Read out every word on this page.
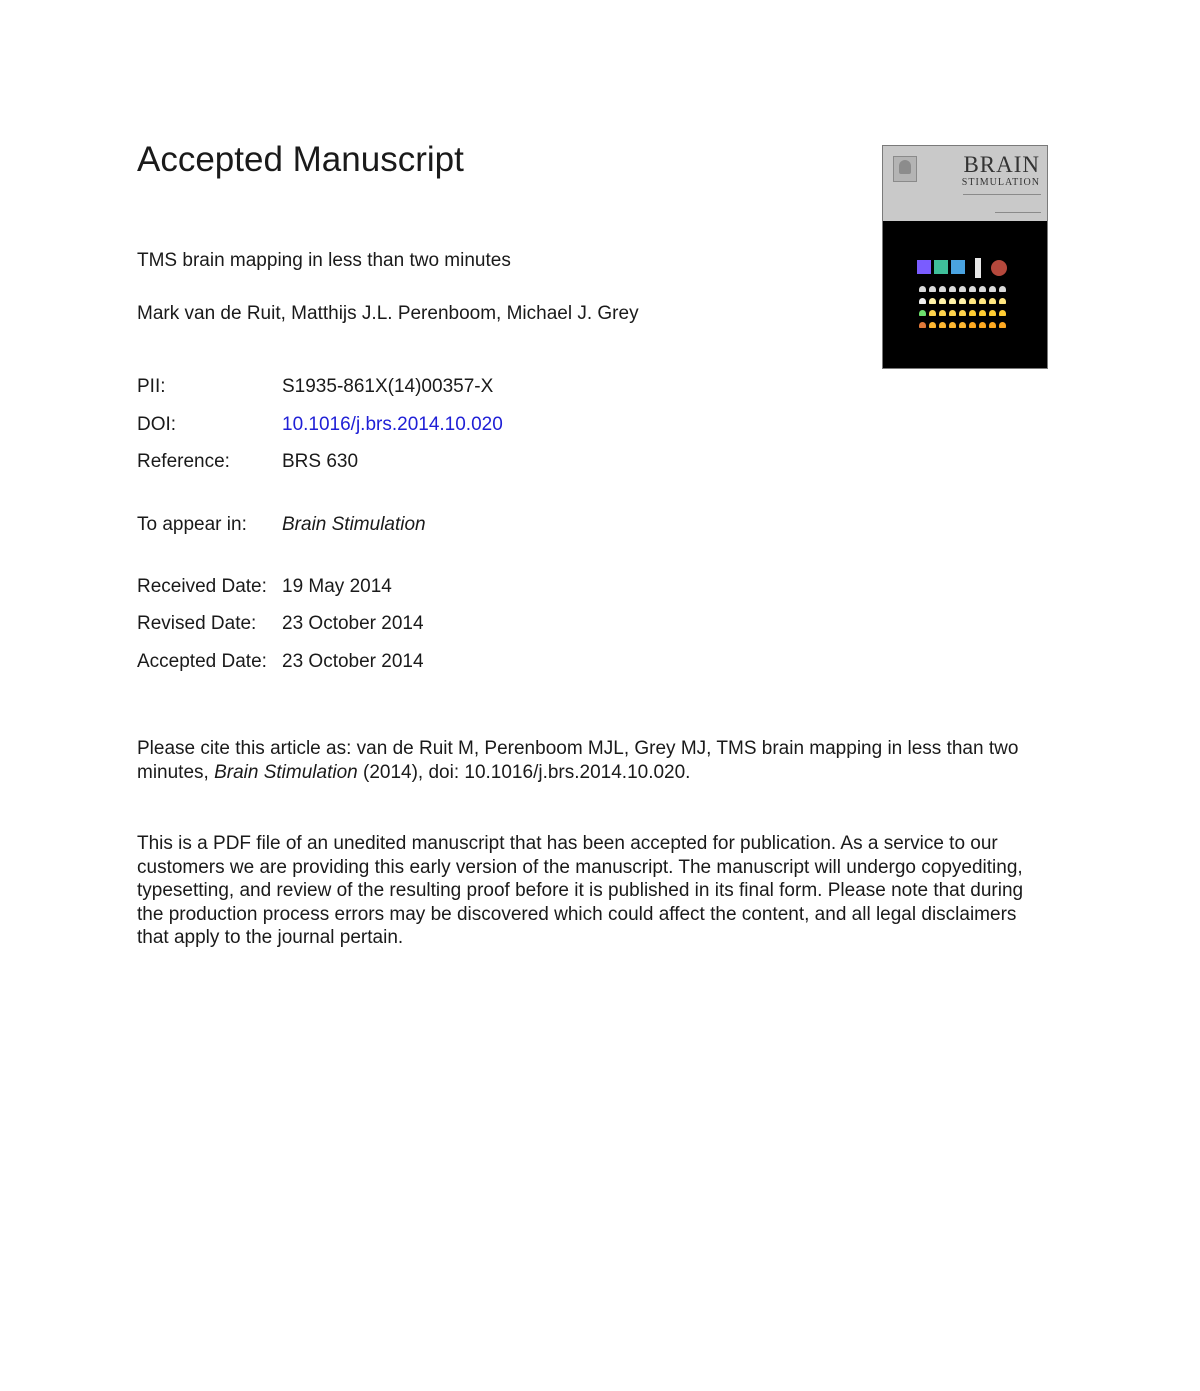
Accepted Manuscript
TMS brain mapping in less than two minutes
Mark van de Ruit, Matthijs J.L. Perenboom, Michael J. Grey
PII:	S1935-861X(14)00357-X
DOI:	10.1016/j.brs.2014.10.020
Reference:	BRS 630
To appear in: Brain Stimulation
Received Date: 19 May 2014
Revised Date: 23 October 2014
Accepted Date: 23 October 2014
Please cite this article as: van de Ruit M, Perenboom MJL, Grey MJ, TMS brain mapping in less than two minutes, Brain Stimulation (2014), doi: 10.1016/j.brs.2014.10.020.
This is a PDF file of an unedited manuscript that has been accepted for publication. As a service to our customers we are providing this early version of the manuscript. The manuscript will undergo copyediting, typesetting, and review of the resulting proof before it is published in its final form. Please note that during the production process errors may be discovered which could affect the content, and all legal disclaimers that apply to the journal pertain.
BRAIN
STIMULATION
